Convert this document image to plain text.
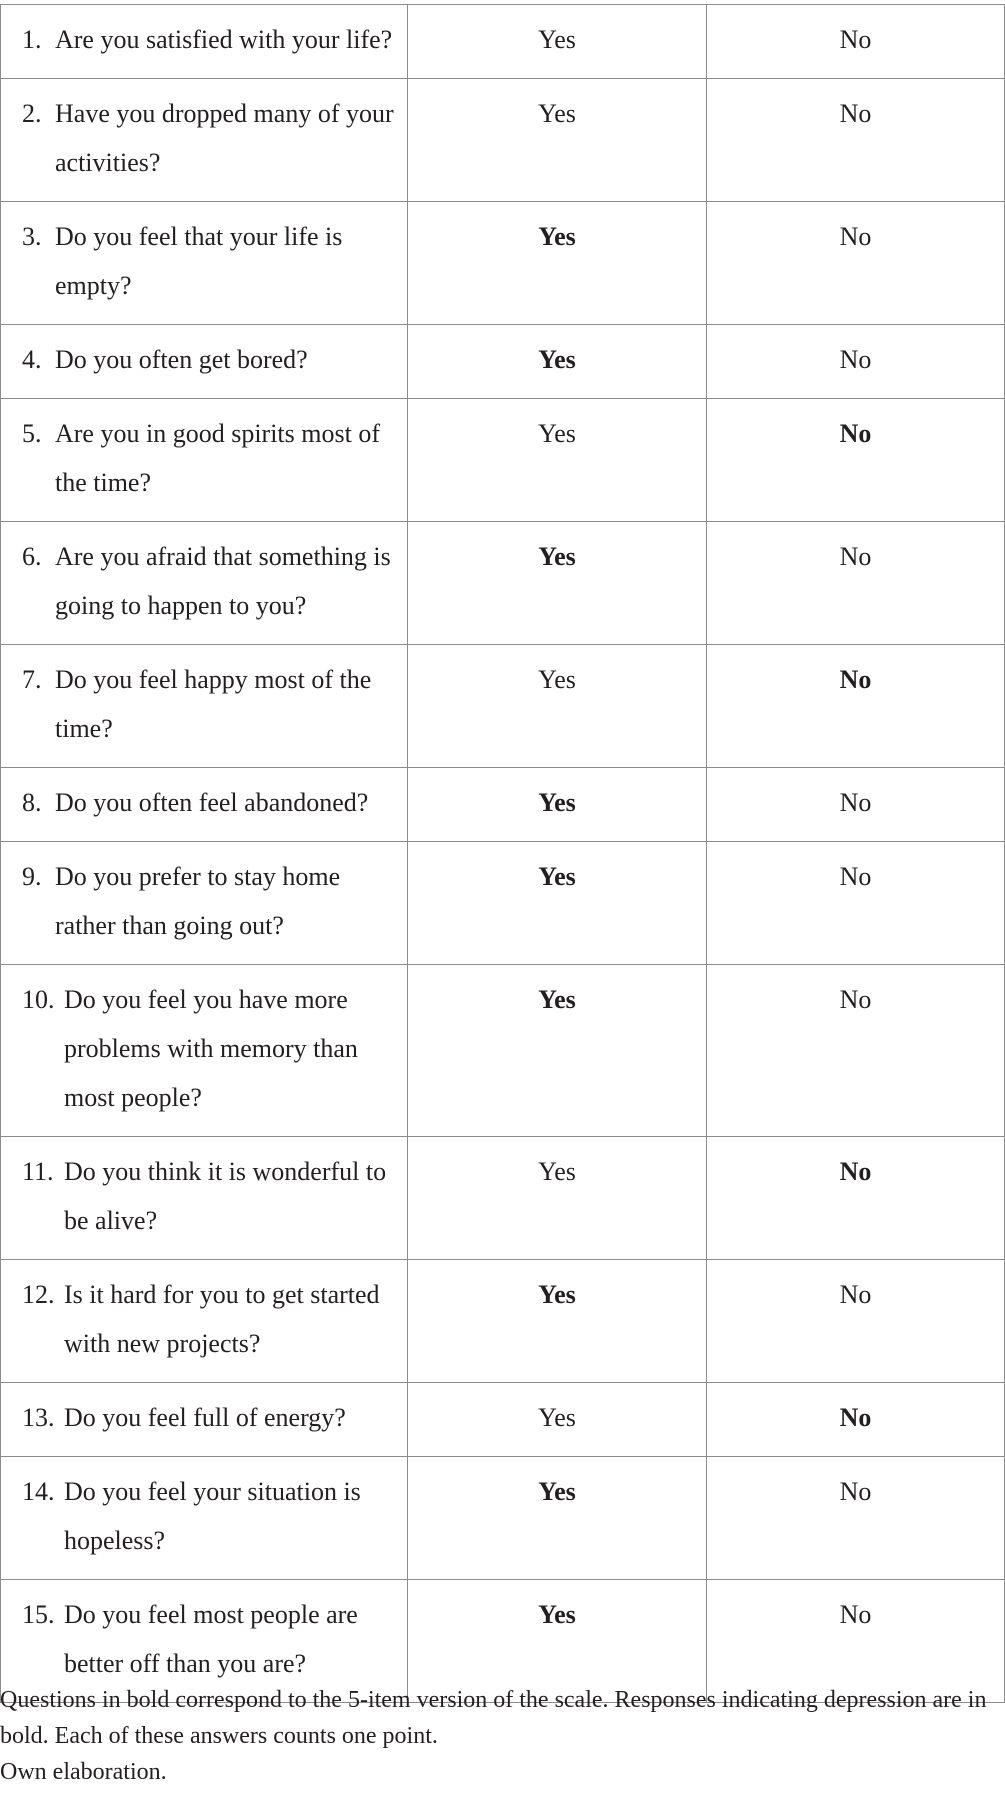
1. Are you satisfied with your life?	Yes	No

2. Have you dropped many of your activities?	Yes	No

3. Do you feel that your life is empty?	Yes	No

4. Do you often get bored?	Yes	No

5. Are you in good spirits most of the time?	Yes	No

6. Are you afraid that something is going to happen to you?	Yes	No

7. Do you feel happy most of the time?	Yes	No

8. Do you often feel abandoned?	Yes	No

9. Do you prefer to stay home rather than going out?	Yes	No

10. Do you feel you have more problems with memory than most people?	Yes	No

11. Do you think it is wonderful to be alive?	Yes	No

12. Is it hard for you to get started with new projects?	Yes	No

13. Do you feel full of energy?	Yes	No

14. Do you feel your situation is hopeless?	Yes	No

15. Do you feel most people are better off than you are?	Yes	No

Questions in bold correspond to the 5-item version of the scale. Responses indicating depression are in bold. Each of these answers counts one point.

Own elaboration.
